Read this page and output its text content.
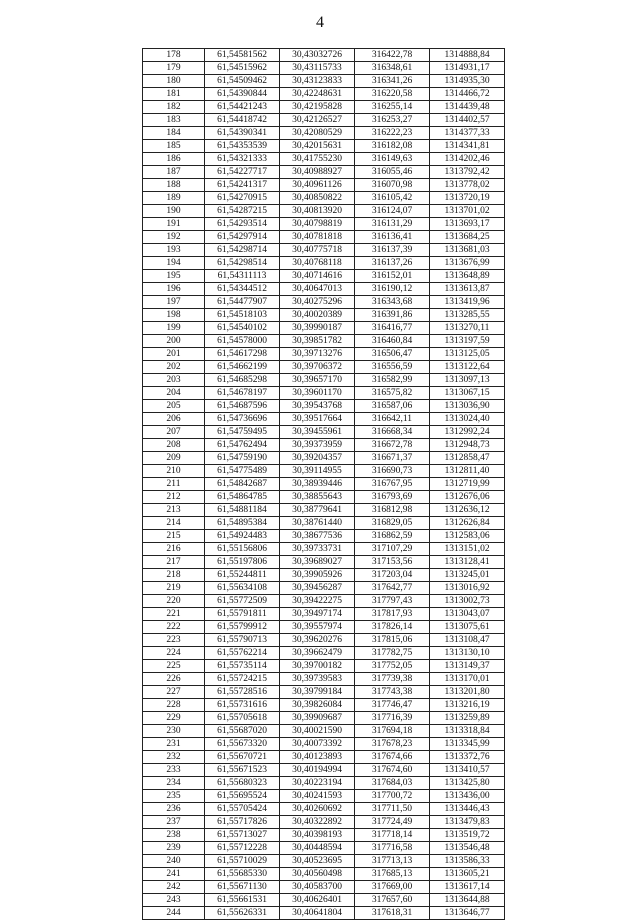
4
178	61,54581562	30,43032726	316422,78	1314888,84
179	61,54515962	30,43115733	316348,61	1314931,17
180	61,54509462	30,43123833	316341,26	1314935,30
181	61,54390844	30,42248631	316220,58	1314466,72
182	61,54421243	30,42195828	316255,14	1314439,48
183	61,54418742	30,42126527	316253,27	1314402,57
184	61,54390341	30,42080529	316222,23	1314377,33
185	61,54353539	30,42015631	316182,08	1314341,81
186	61,54321333	30,41755230	316149,63	1314202,46
187	61,54227717	30,40988927	316055,46	1313792,42
188	61,54241317	30,40961126	316070,98	1313778,02
189	61,54270915	30,40850822	316105,42	1313720,19
190	61,54287215	30,40813920	316124,07	1313701,02
191	61,54293514	30,40798819	316131,29	1313693,17
192	61,54297914	30,40781818	316136,41	1313684,25
193	61,54298714	30,40775718	316137,39	1313681,03
194	61,54298514	30,40768118	316137,26	1313676,99
195	61,54311113	30,40714616	316152,01	1313648,89
196	61,54344512	30,40647013	316190,12	1313613,87
197	61,54477907	30,40275296	316343,68	1313419,96
198	61,54518103	30,40020389	316391,86	1313285,55
199	61,54540102	30,39990187	316416,77	1313270,11
200	61,54578000	30,39851782	316460,84	1313197,59
201	61,54617298	30,39713276	316506,47	1313125,05
202	61,54662199	30,39706372	316556,59	1313122,64
203	61,54685298	30,39657170	316582,99	1313097,13
204	61,54678197	30,39601170	316575,82	1313067,15
205	61,54687596	30,39543768	316587,06	1313036,90
206	61,54736696	30,39517664	316642,11	1313024,40
207	61,54759495	30,39455961	316668,34	1312992,24
208	61,54762494	30,39373959	316672,78	1312948,73
209	61,54759190	30,39204357	316671,37	1312858,47
210	61,54775489	30,39114955	316690,73	1312811,40
211	61,54842687	30,38939446	316767,95	1312719,99
212	61,54864785	30,38855643	316793,69	1312676,06
213	61,54881184	30,38779641	316812,98	1312636,12
214	61,54895384	30,38761440	316829,05	1312626,84
215	61,54924483	30,38677536	316862,59	1312583,06
216	61,55156806	30,39733731	317107,29	1313151,02
217	61,55197806	30,39689027	317153,56	1313128,41
218	61,55244811	30,39905926	317203,04	1313245,01
219	61,55634108	30,39456287	317642,77	1313016,92
220	61,55772509	30,39422275	317797,43	1313002,73
221	61,55791811	30,39497174	317817,93	1313043,07
222	61,55799912	30,39557974	317826,14	1313075,61
223	61,55790713	30,39620276	317815,06	1313108,47
224	61,55762214	30,39662479	317782,75	1313130,10
225	61,55735114	30,39700182	317752,05	1313149,37
226	61,55724215	30,39739583	317739,38	1313170,01
227	61,55728516	30,39799184	317743,38	1313201,80
228	61,55731616	30,39826084	317746,47	1313216,19
229	61,55705618	30,39909687	317716,39	1313259,89
230	61,55687020	30,40021590	317694,18	1313318,84
231	61,55673320	30,40073392	317678,23	1313345,99
232	61,55670721	30,40123893	317674,66	1313372,76
233	61,55671523	30,40194994	317674,60	1313410,57
234	61,55680323	30,40223194	317684,03	1313425,80
235	61,55695524	30,40241593	317700,72	1313436,00
236	61,55705424	30,40260692	317711,50	1313446,43
237	61,55717826	30,40322892	317724,49	1313479,83
238	61,55713027	30,40398193	317718,14	1313519,72
239	61,55712228	30,40448594	317716,58	1313546,48
240	61,55710029	30,40523695	317713,13	1313586,33
241	61,55685330	30,40560498	317685,13	1313605,21
242	61,55671130	30,40583700	317669,00	1313617,14
243	61,55661531	30,40626401	317657,60	1313644,88
244	61,55626331	30,40641804	317618,31	1313646,77
